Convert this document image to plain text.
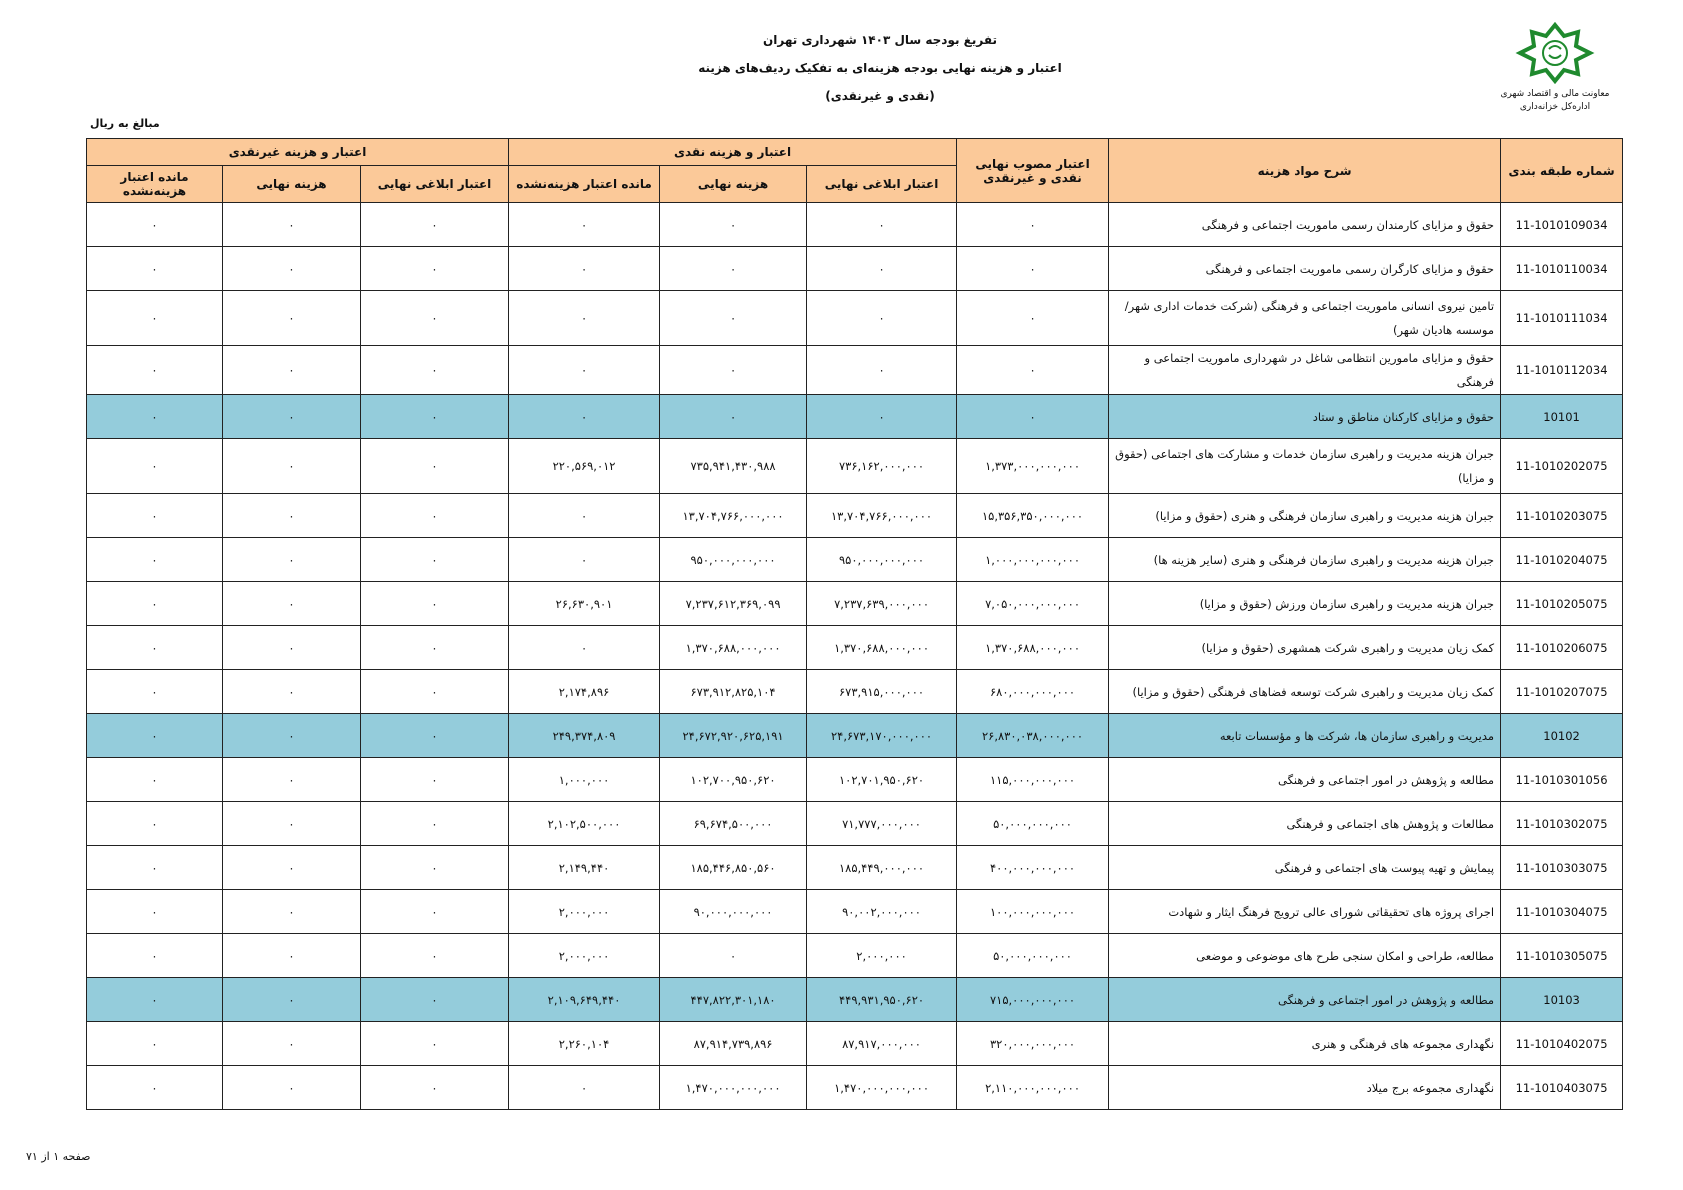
تفریغ بودجه سال ۱۴۰۳ شهرداری تهران
اعتبار و هزینه نهایی بودجه هزینه‌ای به تفکیک ردیف‌های هزینه
(نقدی و غیرنقدی)	معاونت مالی و اقتصاد شهری
اداره‌کل خزانه‌داری
مبالغ به ریال
شماره طبقه بندی	شرح مواد هزینه	اعتبار مصوب نهایی نقدی و غیرنقدی	اعتبار و هزینه نقدی			اعتبار و هزینه غیرنقدی		
			اعتبار ابلاغی نهایی	هزینه نهایی	مانده اعتبار هزینه‌نشده	اعتبار ابلاغی نهایی	هزینه نهایی	مانده اعتبار هزینه‌نشده
11-1010109034	حقوق و مزایای کارمندان رسمی ماموریت اجتماعی و فرهنگی	۰	۰	۰	۰	۰	۰	۰
11-1010110034	حقوق و مزایای کارگران رسمی ماموریت اجتماعی و فرهنگی	۰	۰	۰	۰	۰	۰	۰
11-1010111034	تامین نیروی انسانی ماموریت اجتماعی و فرهنگی (شرکت خدمات اداری شهر/موسسه هادیان شهر)	۰	۰	۰	۰	۰	۰	۰
11-1010112034	حقوق و مزایای مامورین انتظامی شاغل در شهرداری ماموریت اجتماعی و فرهنگی	۰	۰	۰	۰	۰	۰	۰
10101	حقوق و مزایای کارکنان مناطق و ستاد	۰	۰	۰	۰	۰	۰	۰
11-1010202075	جبران هزینه مدیریت و راهبری سازمان خدمات و مشارکت های اجتماعی (حقوق و مزایا)	۱,۳۷۳,۰۰۰,۰۰۰,۰۰۰	۷۳۶,۱۶۲,۰۰۰,۰۰۰	۷۳۵,۹۴۱,۴۳۰,۹۸۸	۲۲۰,۵۶۹,۰۱۲	۰	۰	۰
11-1010203075	جبران هزینه مدیریت و راهبری سازمان فرهنگی و هنری (حقوق و مزایا)	۱۵,۳۵۶,۳۵۰,۰۰۰,۰۰۰	۱۳,۷۰۴,۷۶۶,۰۰۰,۰۰۰	۱۳,۷۰۴,۷۶۶,۰۰۰,۰۰۰	۰	۰	۰	۰
11-1010204075	جبران هزینه مدیریت و راهبری سازمان فرهنگی و هنری (سایر هزینه ها)	۱,۰۰۰,۰۰۰,۰۰۰,۰۰۰	۹۵۰,۰۰۰,۰۰۰,۰۰۰	۹۵۰,۰۰۰,۰۰۰,۰۰۰	۰	۰	۰	۰
11-1010205075	جبران هزینه مدیریت و راهبری سازمان ورزش (حقوق و مزایا)	۷,۰۵۰,۰۰۰,۰۰۰,۰۰۰	۷,۲۳۷,۶۳۹,۰۰۰,۰۰۰	۷,۲۳۷,۶۱۲,۳۶۹,۰۹۹	۲۶,۶۳۰,۹۰۱	۰	۰	۰
11-1010206075	کمک زیان مدیریت و راهبری شرکت همشهری (حقوق و مزایا)	۱,۳۷۰,۶۸۸,۰۰۰,۰۰۰	۱,۳۷۰,۶۸۸,۰۰۰,۰۰۰	۱,۳۷۰,۶۸۸,۰۰۰,۰۰۰	۰	۰	۰	۰
11-1010207075	کمک زیان مدیریت و راهبری شرکت توسعه فضاهای فرهنگی (حقوق و مزایا)	۶۸۰,۰۰۰,۰۰۰,۰۰۰	۶۷۳,۹۱۵,۰۰۰,۰۰۰	۶۷۳,۹۱۲,۸۲۵,۱۰۴	۲,۱۷۴,۸۹۶	۰	۰	۰
10102	مدیریت و راهبری سازمان ها، شرکت ها و مؤسسات تابعه	۲۶,۸۳۰,۰۳۸,۰۰۰,۰۰۰	۲۴,۶۷۳,۱۷۰,۰۰۰,۰۰۰	۲۴,۶۷۲,۹۲۰,۶۲۵,۱۹۱	۲۴۹,۳۷۴,۸۰۹	۰	۰	۰
11-1010301056	مطالعه و پژوهش در امور اجتماعی و فرهنگی	۱۱۵,۰۰۰,۰۰۰,۰۰۰	۱۰۲,۷۰۱,۹۵۰,۶۲۰	۱۰۲,۷۰۰,۹۵۰,۶۲۰	۱,۰۰۰,۰۰۰	۰	۰	۰
11-1010302075	مطالعات و پژوهش های اجتماعی و فرهنگی	۵۰,۰۰۰,۰۰۰,۰۰۰	۷۱,۷۷۷,۰۰۰,۰۰۰	۶۹,۶۷۴,۵۰۰,۰۰۰	۲,۱۰۲,۵۰۰,۰۰۰	۰	۰	۰
11-1010303075	پیمایش و تهیه پیوست های اجتماعی و فرهنگی	۴۰۰,۰۰۰,۰۰۰,۰۰۰	۱۸۵,۴۴۹,۰۰۰,۰۰۰	۱۸۵,۴۴۶,۸۵۰,۵۶۰	۲,۱۴۹,۴۴۰	۰	۰	۰
11-1010304075	اجرای پروژه های تحقیقاتی شورای عالی ترویج فرهنگ ایثار و شهادت	۱۰۰,۰۰۰,۰۰۰,۰۰۰	۹۰,۰۰۲,۰۰۰,۰۰۰	۹۰,۰۰۰,۰۰۰,۰۰۰	۲,۰۰۰,۰۰۰	۰	۰	۰
11-1010305075	مطالعه، طراحی و امکان سنجی طرح های موضوعی و موضعی	۵۰,۰۰۰,۰۰۰,۰۰۰	۲,۰۰۰,۰۰۰	۰	۲,۰۰۰,۰۰۰	۰	۰	۰
10103	مطالعه و پژوهش در امور اجتماعی و فرهنگی	۷۱۵,۰۰۰,۰۰۰,۰۰۰	۴۴۹,۹۳۱,۹۵۰,۶۲۰	۴۴۷,۸۲۲,۳۰۱,۱۸۰	۲,۱۰۹,۶۴۹,۴۴۰	۰	۰	۰
11-1010402075	نگهداری مجموعه های فرهنگی و هنری	۳۲۰,۰۰۰,۰۰۰,۰۰۰	۸۷,۹۱۷,۰۰۰,۰۰۰	۸۷,۹۱۴,۷۳۹,۸۹۶	۲,۲۶۰,۱۰۴	۰	۰	۰
11-1010403075	نگهداری مجموعه برج میلاد	۲,۱۱۰,۰۰۰,۰۰۰,۰۰۰	۱,۴۷۰,۰۰۰,۰۰۰,۰۰۰	۱,۴۷۰,۰۰۰,۰۰۰,۰۰۰	۰	۰	۰	۰
صفحه ۱ از ۷۱
